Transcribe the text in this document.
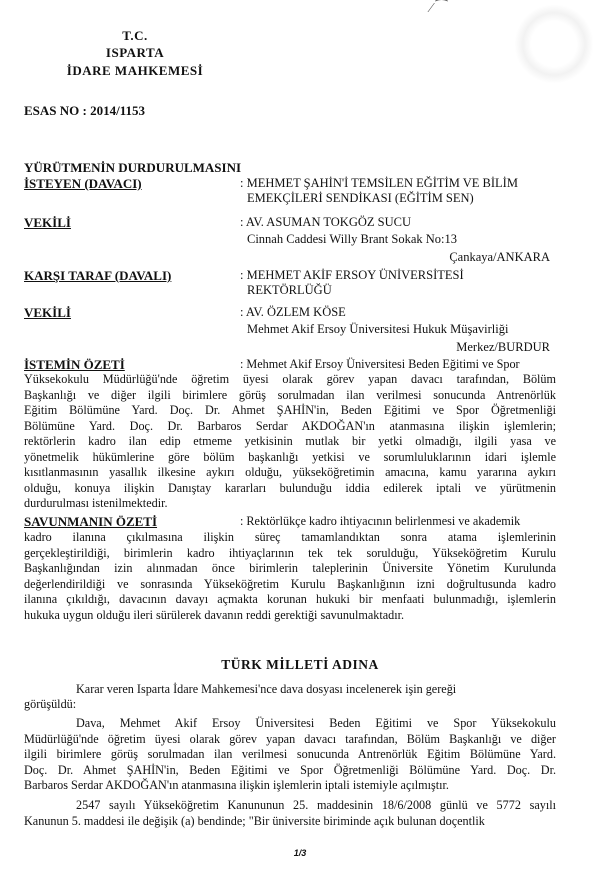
⁄ ⁀
T.C.
ISPARTA
İDARE MAHKEMESİ
ESAS NO : 2014/1153
YÜRÜTMENİN DURDURULMASINI
İSTEYEN (DAVACI)	: MEHMET ŞAHİN'İ TEMSİLEN EĞİTİM VE BİLİM
EMEKÇİLERİ SENDİKASI (EĞİTİM SEN)
VEKİLİ	: AV. ASUMAN TOKGÖZ SUCU
Cinnah Caddesi Willy Brant Sokak No:13
Çankaya/ANKARA
KARŞI TARAF (DAVALI)	: MEHMET AKİF ERSOY ÜNİVERSİTESİ
REKTÖRLÜĞÜ
VEKİLİ	: AV. ÖZLEM KÖSE
Mehmet Akif Ersoy Üniversitesi Hukuk Müşavirliği
Merkez/BURDUR
İSTEMİN ÖZETİ	: Mehmet Akif Ersoy Üniversitesi Beden Eğitimi ve Spor
Yüksekokulu Müdürlüğü'nde öğretim üyesi olarak görev yapan davacı tarafından, Bölüm
Başkanlığı ve diğer ilgili birimlere görüş sorulmadan ilan verilmesi sonucunda Antrenörlük
Eğitim Bölümüne Yard. Doç. Dr. Ahmet ŞAHİN'in, Beden Eğitimi ve Spor Öğretmenliği
Bölümüne Yard. Doç. Dr. Barbaros Serdar AKDOĞAN'ın atanmasına ilişkin işlemlerin;
rektörlerin kadro ilan edip etmeme yetkisinin mutlak bir yetki olmadığı, ilgili yasa ve
yönetmelik hükümlerine göre bölüm başkanlığı yetkisi ve sorumluluklarının idari işlemle
kısıtlanmasının yasallık ilkesine aykırı olduğu, yükseköğretimin amacına, kamu yararına aykırı
olduğu, konuya ilişkin Danıştay kararları bulunduğu iddia edilerek iptali ve yürütmenin
durdurulması istenilmektedir.
SAVUNMANIN ÖZETİ	: Rektörlükçe kadro ihtiyacının belirlenmesi ve akademik
kadro ilanına çıkılmasına ilişkin süreç tamamlandıktan sonra atama işlemlerinin
gerçekleştirildiği, birimlerin kadro ihtiyaçlarının tek tek sorulduğu, Yükseköğretim Kurulu
Başkanlığından izin alınmadan önce birimlerin taleplerinin Üniversite Yönetim Kurulunda
değerlendirildiği ve sonrasında Yükseköğretim Kurulu Başkanlığının izni doğrultusunda kadro
ilanına çıkıldığı, davacının davayı açmakta korunan hukuki bir menfaati bulunmadığı, işlemlerin
hukuka uygun olduğu ileri sürülerek davanın reddi gerektiği savunulmaktadır.
TÜRK MİLLETİ ADINA
Karar veren Isparta İdare Mahkemesi'nce dava dosyası incelenerek işin gereği
görüşüldü:
Dava, Mehmet Akif Ersoy Üniversitesi Beden Eğitimi ve Spor Yüksekokulu
Müdürlüğü'nde öğretim üyesi olarak görev yapan davacı tarafından, Bölüm Başkanlığı ve diğer
ilgili birimlere görüş sorulmadan ilan verilmesi sonucunda Antrenörlük Eğitim Bölümüne Yard.
Doç. Dr. Ahmet ŞAHİN'in, Beden Eğitimi ve Spor Öğretmenliği Bölümüne Yard. Doç. Dr.
Barbaros Serdar AKDOĞAN'ın atanmasına ilişkin işlemlerin iptali istemiyle açılmıştır.
2547 sayılı Yükseköğretim Kanununun 25. maddesinin 18/6/2008 günlü ve 5772 sayılı
Kanunun 5. maddesi ile değişik (a) bendinde; "Bir üniversite biriminde açık bulunan doçentlik
1/3
